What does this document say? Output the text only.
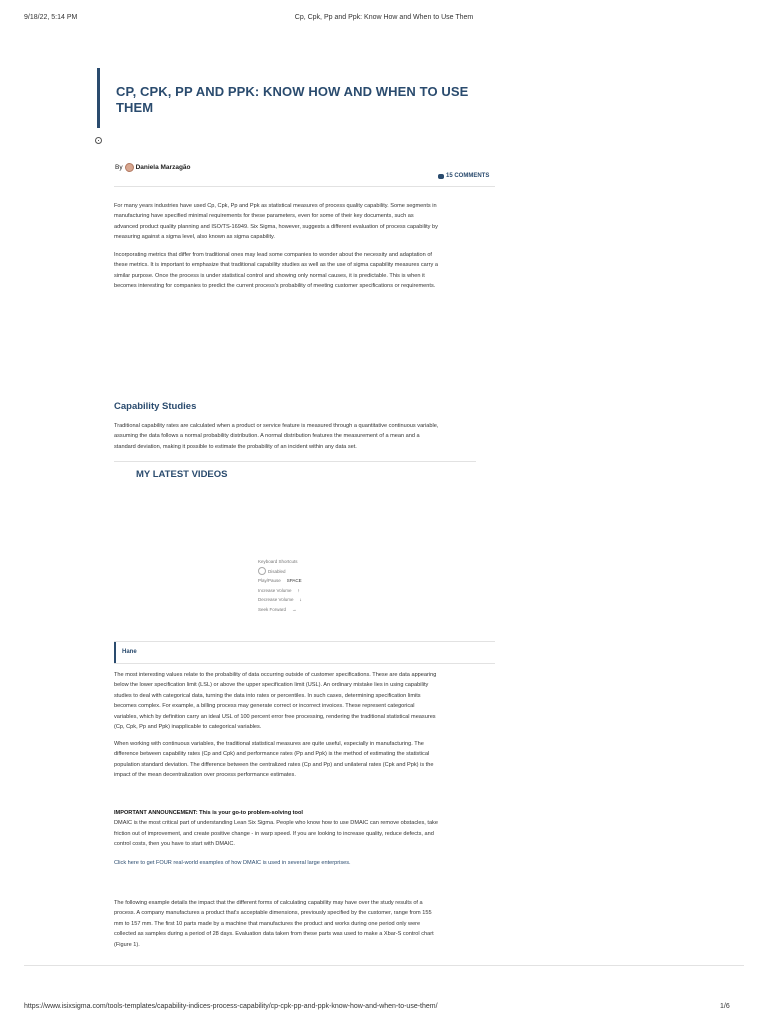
9/18/22, 5:14 PM	Cp, Cpk, Pp and Ppk: Know How and When to Use Them
CP, CPK, PP AND PPK: KNOW HOW AND WHEN TO USE
THEM
By Daniela Marzagão
15 COMMENTS
For many years industries have used Cp, Cpk, Pp and Ppk as statistical measures of process quality capability. Some segments in
manufacturing have specified minimal requirements for these parameters, even for some of their key documents, such as
advanced product quality planning and ISO/TS-16949. Six Sigma, however, suggests a different evaluation of process capability by
measuring against a sigma level, also known as sigma capability.
Incorporating metrics that differ from traditional ones may lead some companies to wonder about the necessity and adaptation of
these metrics. It is important to emphasize that traditional capability studies as well as the use of sigma capability measures carry a
similar purpose. Once the process is under statistical control and showing only normal causes, it is predictable. This is when it
becomes interesting for companies to predict the current process's probability of meeting customer specifications or requirements.
Capability Studies
Traditional capability rates are calculated when a product or service feature is measured through a quantitative continuous variable,
assuming the data follows a normal probability distribution. A normal distribution features the measurement of a mean and a
standard deviation, making it possible to estimate the probability of an incident within any data set.
MY LATEST VIDEOS
Keyboard Shortcuts
Disabled
Play/Pause SPACE
Increase Volume ↑
Decrease Volume ↓
Seek Forward →
Hane
The most interesting values relate to the probability of data occurring outside of customer specifications. These are data appearing
below the lower specification limit (LSL) or above the upper specification limit (USL). An ordinary mistake lies in using capability
studies to deal with categorical data, turning the data into rates or percentiles. In such cases, determining specification limits
becomes complex. For example, a billing process may generate correct or incorrect invoices. These represent categorical
variables, which by definition carry an ideal USL of 100 percent error free processing, rendering the traditional statistical measures
(Cp, Cpk, Pp and Ppk) inapplicable to categorical variables.
When working with continuous variables, the traditional statistical measures are quite useful, especially in manufacturing. The
difference between capability rates (Cp and Cpk) and performance rates (Pp and Ppk) is the method of estimating the statistical
population standard deviation. The difference between the centralized rates (Cp and Pp) and unilateral rates (Cpk and Ppk) is the
impact of the mean decentralization over process performance estimates.
IMPORTANT ANNOUNCEMENT: This is your go-to problem-solving tool
DMAIC is the most critical part of understanding Lean Six Sigma. People who know how to use DMAIC can remove obstacles, take
friction out of improvement, and create positive change - in warp speed. If you are looking to increase quality, reduce defects, and
control costs, then you have to start with DMAIC.
Click here to get FOUR real-world examples of how DMAIC is used in several large enterprises.
The following example details the impact that the different forms of calculating capability may have over the study results of a
process. A company manufactures a product that's acceptable dimensions, previously specified by the customer, range from 155
mm to 157 mm. The first 10 parts made by a machine that manufactures the product and works during one period only were
collected as samples during a period of 28 days. Evaluation data taken from these parts was used to make a Xbar-S control chart
(Figure 1).
https://www.isixsigma.com/tools-templates/capability-indices-process-capability/cp-cpk-pp-and-ppk-know-how-and-when-to-use-them/	1/6
